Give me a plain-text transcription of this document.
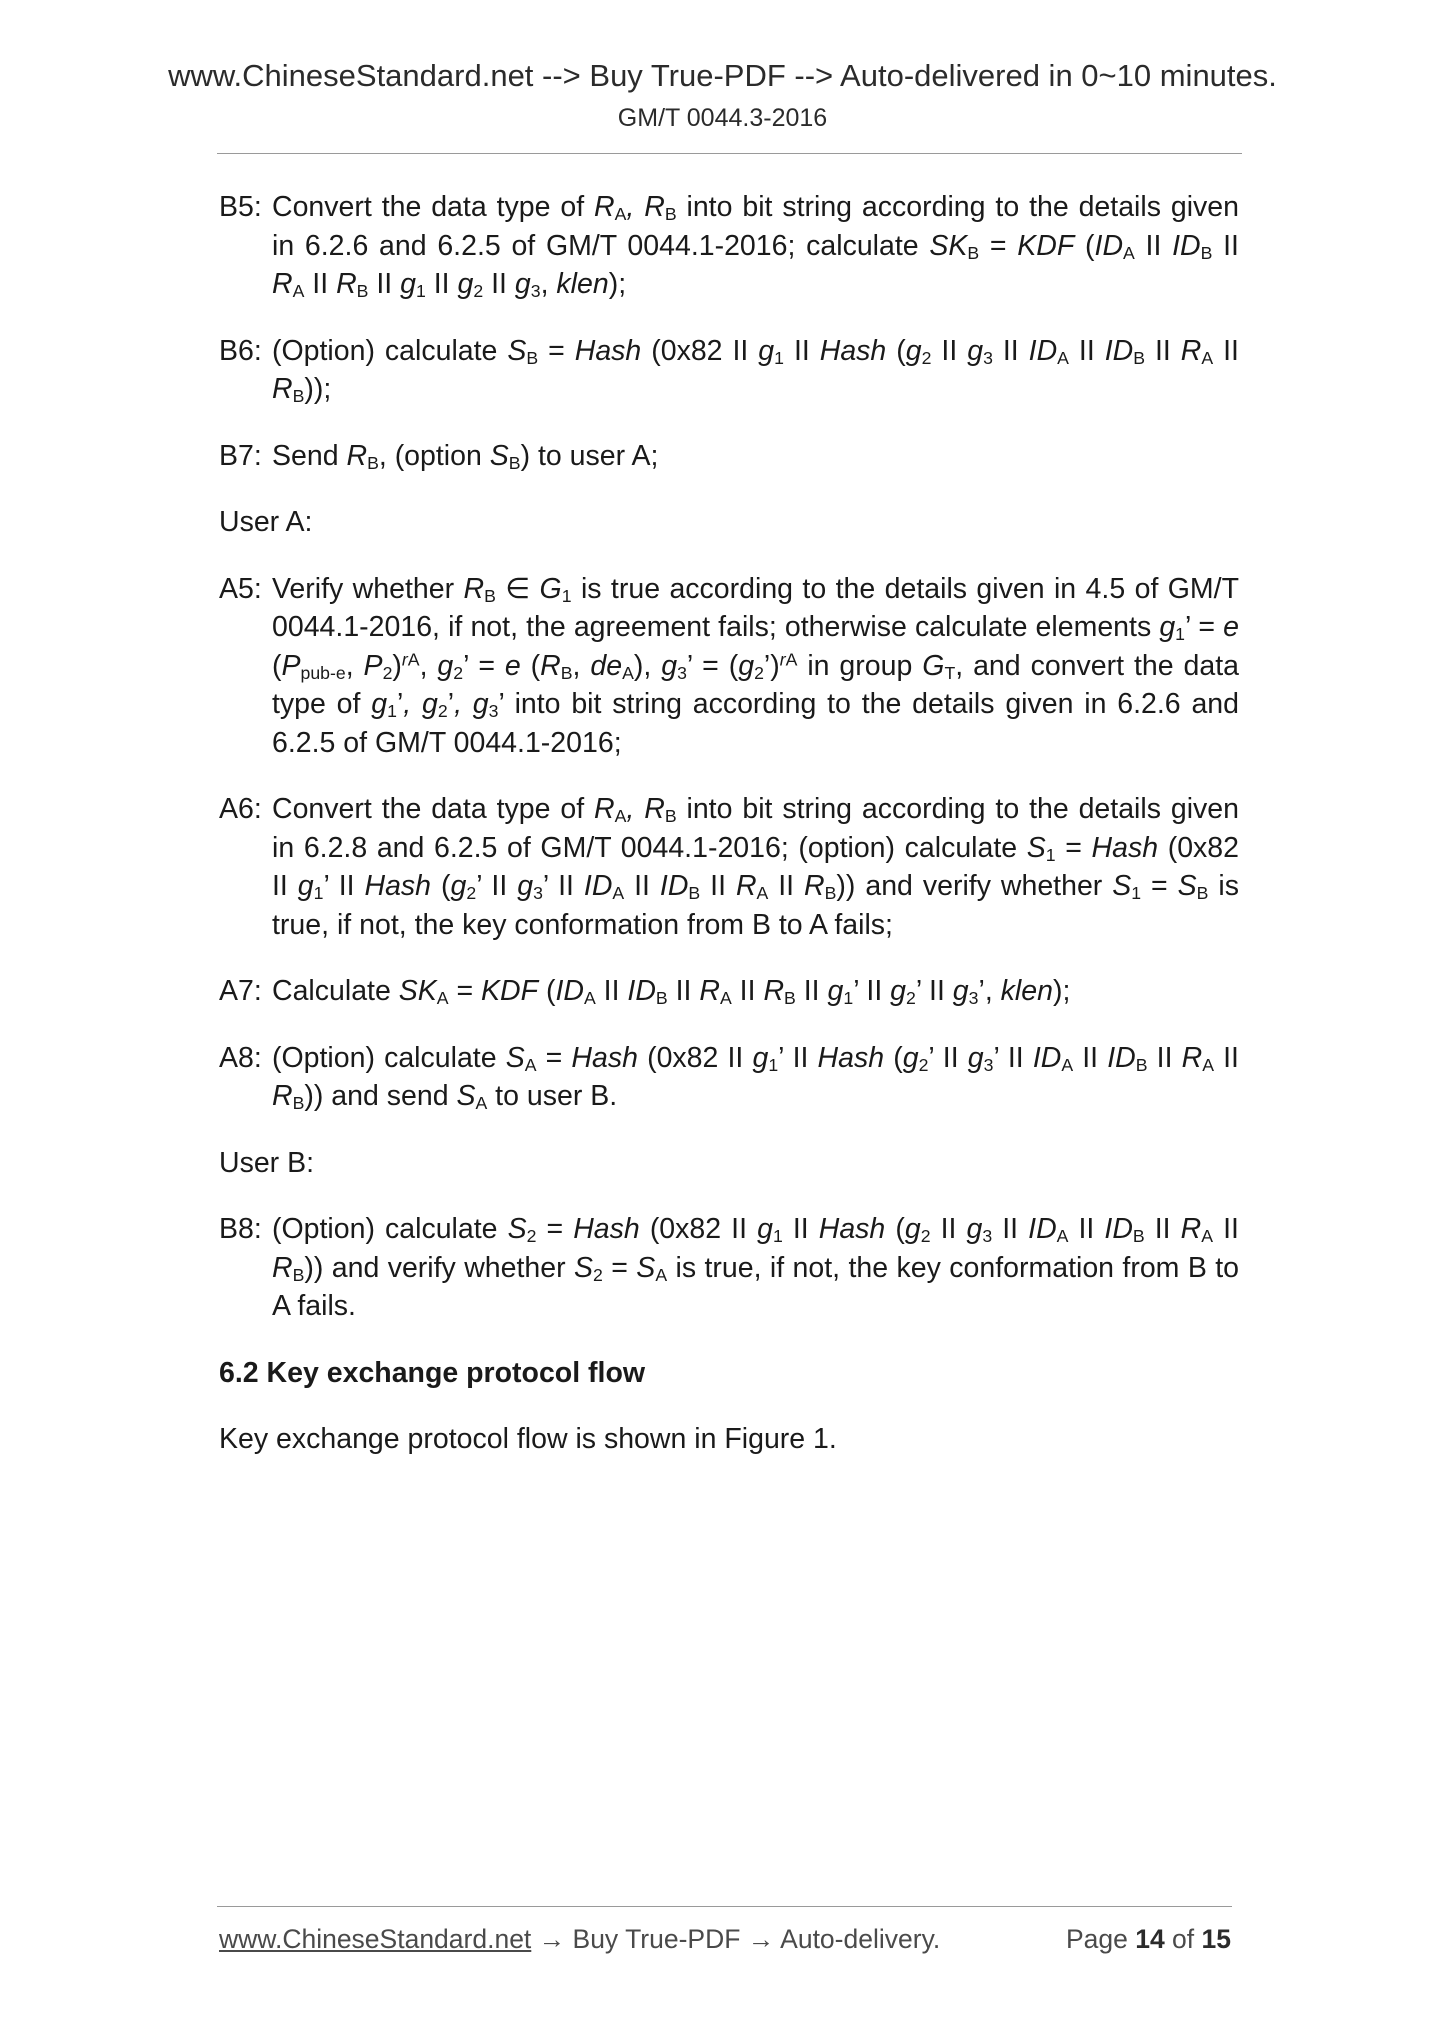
www.ChineseStandard.net --> Buy True-PDF --> Auto-delivered in 0~10 minutes.
GM/T 0044.3-2016
B5: Convert the data type of $R_A$, $R_B$ into bit string according to the details given in 6.2.6 and 6.2.5 of GM/T 0044.1-2016; calculate $SK_B$ = KDF ($ID_A$ II $ID_B$ II $R_A$ II $R_B$ II $g_1$ II $g_2$ II $g_3$, klen);
B6: (Option) calculate $S_B$ = Hash (0x82 II $g_1$ II Hash ($g_2$ II $g_3$ II $ID_A$ II $ID_B$ II $R_A$ II $R_B$));
B7: Send $R_B$, (option $S_B$) to user A;
User A:
A5: Verify whether $R_B$ ∈ $G_1$ is true according to the details given in 4.5 of GM/T 0044.1-2016, if not, the agreement fails; otherwise calculate elements $g_1$’ = e ($P_{pub-e}$, $P_2)^{rA}$, $g_2$’ = e ($R_B$, $de_A$), $g_3$’ = $(g_2’)^{rA}$ in group $G_T$, and convert the data type of $g_1$’, $g_2$’, $g_3$’ into bit string according to the details given in 6.2.6 and 6.2.5 of GM/T 0044.1-2016;
A6: Convert the data type of $R_A$, $R_B$ into bit string according to the details given in 6.2.8 and 6.2.5 of GM/T 0044.1-2016; (option) calculate $S_1$ = Hash (0x82 II $g_1$’ II Hash ($g_2$’ II $g_3$’ II $ID_A$ II $ID_B$ II $R_A$ II $R_B$)) and verify whether $S_1 = S_B$ is true, if not, the key conformation from B to A fails;
A7: Calculate $SK_A$ = KDF ($ID_A$ II $ID_B$ II $R_A$ II $R_B$ II $g_1$’ II $g_2$’ II $g_3$’, klen);
A8: (Option) calculate $S_A$ = Hash (0x82 II $g_1$’ II Hash ($g_2$’ II $g_3$’ II $ID_A$ II $ID_B$ II $R_A$ II $R_B$)) and send $S_A$ to user B.
User B:
B8: (Option) calculate $S_2$ = Hash (0x82 II $g_1$ II Hash ($g_2$ II $g_3$ II $ID_A$ II $ID_B$ II $R_A$ II $R_B$)) and verify whether $S_2 = S_A$ is true, if not, the key conformation from B to A fails.
6.2 Key exchange protocol flow
Key exchange protocol flow is shown in Figure 1.
www.ChineseStandard.net → Buy True-PDF → Auto-delivery.	Page 14 of 15
